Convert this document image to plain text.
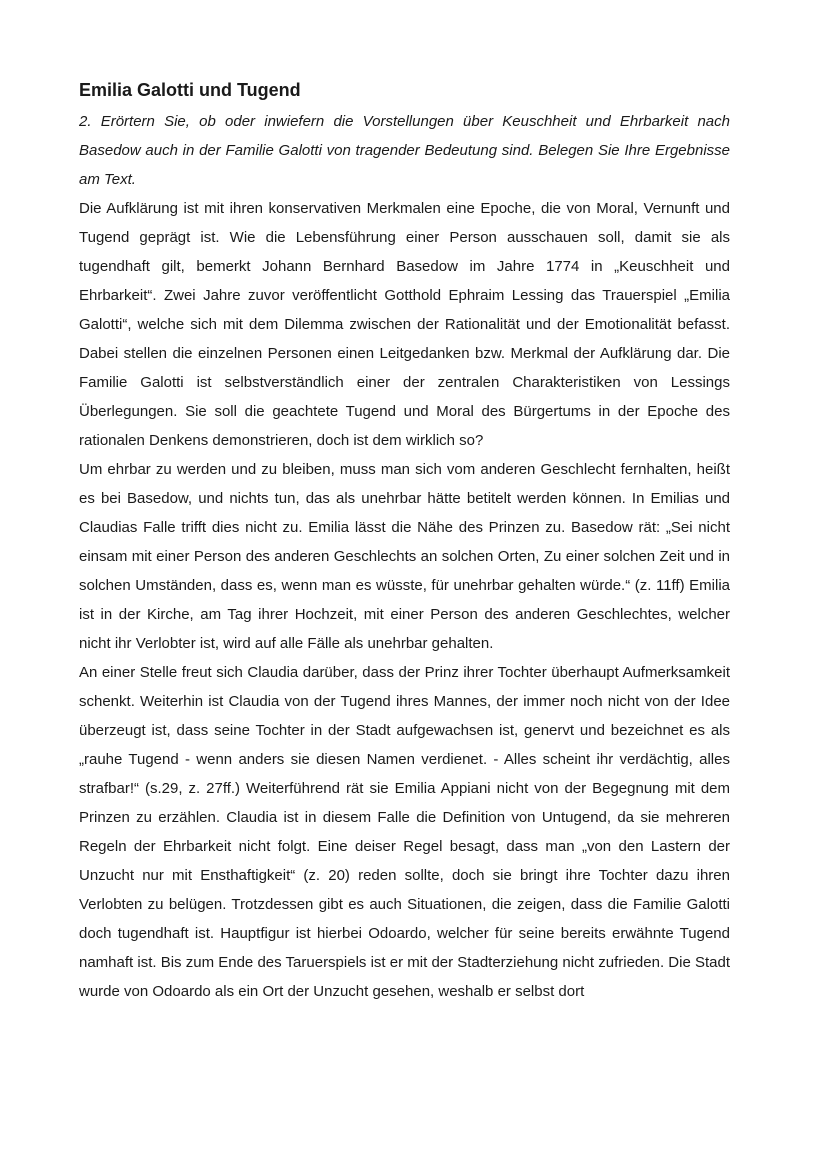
Emilia Galotti und Tugend

2. Erörtern Sie, ob oder inwiefern die Vorstellungen über Keuschheit und Ehrbarkeit nach Basedow auch in der Familie Galotti von tragender Bedeutung sind. Belegen Sie Ihre Ergebnisse am Text.

Die Aufklärung ist mit ihren konservativen Merkmalen eine Epoche, die von Moral, Vernunft und Tugend geprägt ist. Wie die Lebensführung einer Person ausschauen soll, damit sie als tugendhaft gilt, bemerkt Johann Bernhard Basedow im Jahre 1774 in „Keuschheit und Ehrbarkeit“. Zwei Jahre zuvor veröffentlicht Gotthold Ephraim Lessing das Trauerspiel „Emilia Galotti“, welche sich mit dem Dilemma zwischen der Rationalität und der Emotionalität befasst. Dabei stellen die einzelnen Personen einen Leitgedanken bzw. Merkmal der Aufklärung dar. Die Familie Galotti ist selbstverständlich einer der zentralen Charakteristiken von Lessings Überlegungen. Sie soll die geachtete Tugend und Moral des Bürgertums in der Epoche des rationalen Denkens demonstrieren, doch ist dem wirklich so?

Um ehrbar zu werden und zu bleiben, muss man sich vom anderen Geschlecht fernhalten, heißt es bei Basedow, und nichts tun, das als unehrbar hätte betitelt werden können. In Emilias und Claudias Falle trifft dies nicht zu. Emilia lässt die Nähe des Prinzen zu. Basedow rät: „Sei nicht einsam mit einer Person des anderen Geschlechts an solchen Orten, Zu einer solchen Zeit und in solchen Umständen, dass es, wenn man es wüsste, für unehrbar gehalten würde.“ (z. 11ff) Emilia ist in der Kirche, am Tag ihrer Hochzeit, mit einer Person des anderen Geschlechtes, welcher nicht ihr Verlobter ist, wird auf alle Fälle als unehrbar gehalten.

An einer Stelle freut sich Claudia darüber, dass der Prinz ihrer Tochter überhaupt Aufmerksamkeit schenkt. Weiterhin ist Claudia von der Tugend ihres Mannes, der immer noch nicht von der Idee überzeugt ist, dass seine Tochter in der Stadt aufgewachsen ist, genervt und bezeichnet es als „rauhe Tugend - wenn anders sie diesen Namen verdienet. - Alles scheint ihr verdächtig, alles strafbar!“ (s.29, z. 27ff.) Weiterführend rät sie Emilia Appiani nicht von der Begegnung mit dem Prinzen zu erzählen. Claudia ist in diesem Falle die Definition von Untugend, da sie mehreren Regeln der Ehrbarkeit nicht folgt. Eine deiser Regel besagt, dass man „von den Lastern der Unzucht nur mit Ensthaftigkeit“ (z. 20) reden sollte, doch sie bringt ihre Tochter dazu ihren Verlobten zu belügen. Trotzdessen gibt es auch Situationen, die zeigen, dass die Familie Galotti doch tugendhaft ist. Hauptfigur ist hierbei Odoardo, welcher für seine bereits erwähnte Tugend namhaft ist. Bis zum Ende des Taruerspiels ist er mit der Stadterziehung nicht zufrieden. Die Stadt wurde von Odoardo als ein Ort der Unzucht gesehen, weshalb er selbst dort
